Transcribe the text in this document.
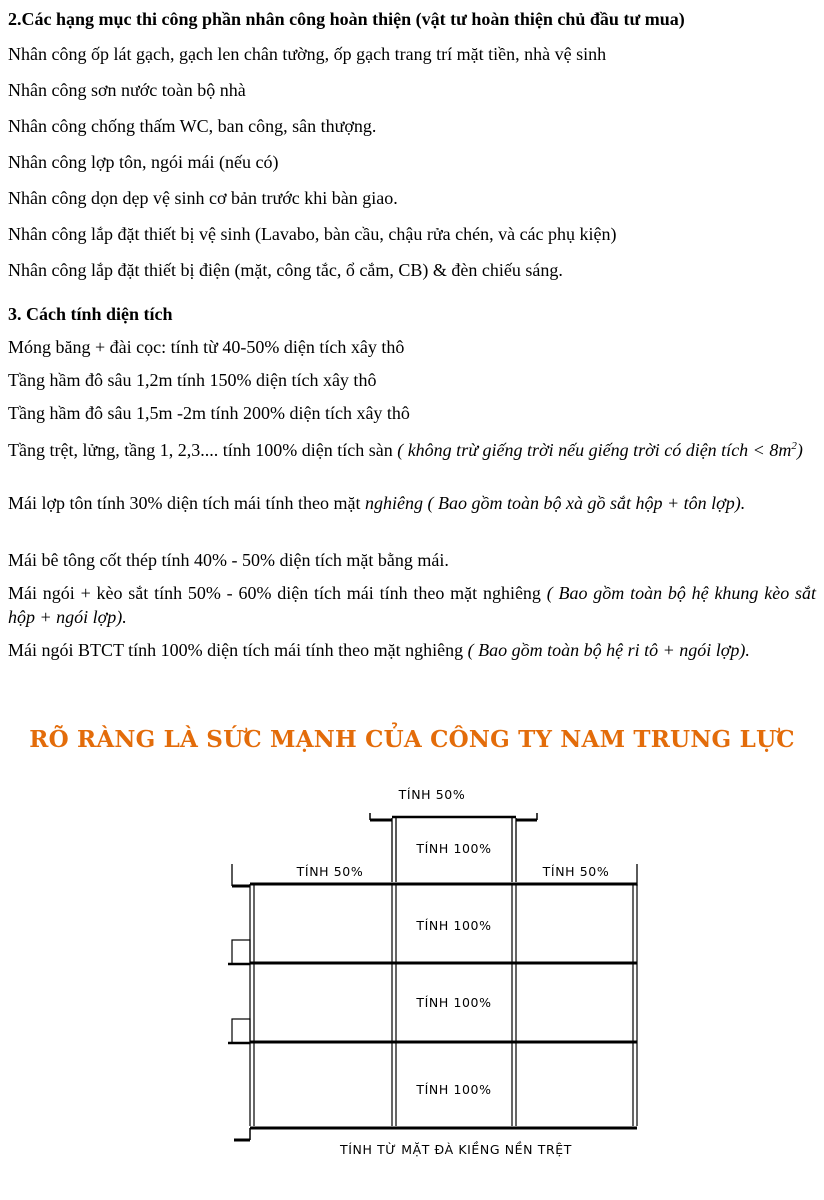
2.Các hạng mục thi công phần nhân công hoàn thiện (vật tư hoàn thiện chủ đầu tư mua)

Nhân công ốp lát gạch, gạch len chân tường, ốp gạch trang trí mặt tiền, nhà vệ sinh

Nhân công sơn nước toàn bộ nhà

Nhân công chống thấm WC, ban công, sân thượng.

Nhân công lợp tôn, ngói mái (nếu có)

Nhân công dọn dẹp vệ sinh cơ bản trước khi bàn giao.

Nhân công lắp đặt thiết bị vệ sinh (Lavabo, bàn cầu, chậu rửa chén, và các phụ kiện)

Nhân công lắp đặt thiết bị điện (mặt, công tắc, ổ cắm, CB) & đèn chiếu sáng.

3. Cách tính diện tích

Móng băng + đài cọc: tính từ 40-50% diện tích xây thô

Tầng hầm đô sâu 1,2m tính 150% diện tích xây thô

Tầng hầm đô sâu 1,5m -2m tính 200% diện tích xây thô

Tầng trệt, lửng, tầng 1, 2,3.... tính 100% diện tích sàn ( không trừ giếng trời nếu giếng trời có diện tích < $8m^2$)

Mái lợp tôn tính 30% diện tích mái tính theo mặt nghiêng ( Bao gồm toàn bộ xà gồ sắt hộp + tôn lợp).

Mái bê tông cốt thép tính 40% - 50% diện tích mặt bằng mái.

Mái ngói + kèo sắt tính 50% - 60% diện tích mái tính theo mặt nghiêng ( Bao gồm toàn bộ hệ khung kèo sắt hộp + ngói lợp).

Mái ngói BTCT tính 100% diện tích mái tính theo mặt nghiêng ( Bao gồm toàn bộ hệ ri tô + ngói lợp).

RÕ RÀNG LÀ SỨC MẠNH CỦA CÔNG TY NAM TRUNG LỰC
TÍNH 50%
TÍNH 100%
TÍNH 50%	TÍNH 50%
TÍNH 100%
TÍNH 100%
TÍNH 100%
TÍNH TỪ MẶT ĐÀ KIỀNG NỀN TRỆT
